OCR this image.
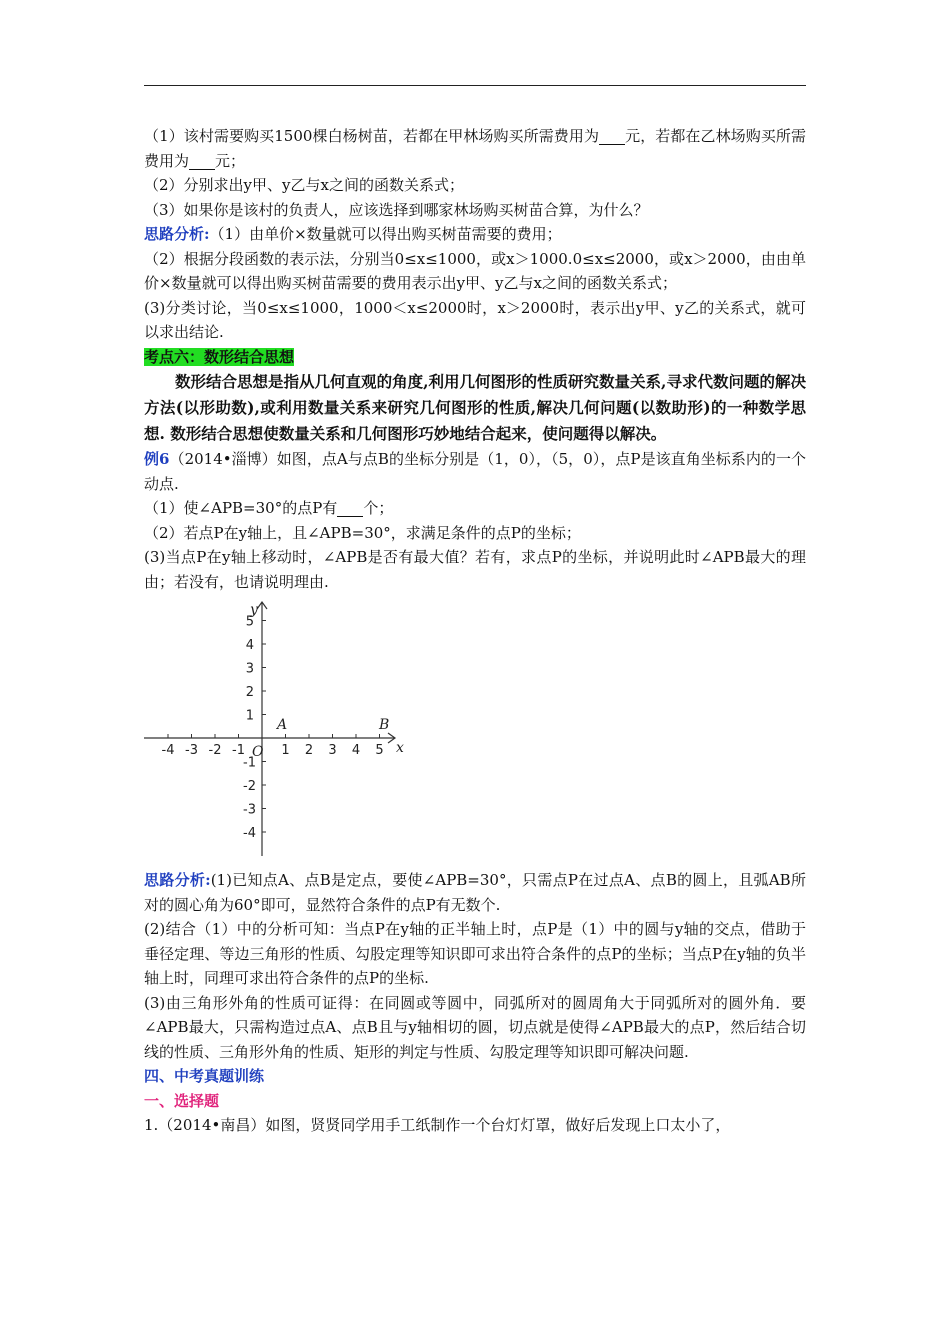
（1）该村需要购买1500棵白杨树苗，若都在甲林场购买所需费用为 元，若都在乙林场购买所需费用为 元；

（2）分别求出y甲、y乙与x之间的函数关系式；

（3）如果你是该村的负责人，应该选择到哪家林场购买树苗合算，为什么？

思路分析:（1）由单价×数量就可以得出购买树苗需要的费用；

（2）根据分段函数的表示法，分别当0≤x≤1000，或x＞1000.0≤x≤2000，或x＞2000，由由单价×数量就可以得出购买树苗需要的费用表示出y甲、y乙与x之间的函数关系式；

(3)分类讨论，当0≤x≤1000，1000＜x≤2000时，x＞2000时，表示出y甲、y乙的关系式，就可以求出结论.

考点六：数形结合思想

数形结合思想是指从几何直观的角度,利用几何图形的性质研究数量关系,寻求代数问题的解决方法(以形助数),或利用数量关系来研究几何图形的性质,解决几何问题(以数助形)的一种数学思想. 数形结合思想使数量关系和几何图形巧妙地结合起来，使问题得以解决。

例6（2014•淄博）如图，点A与点B的坐标分别是（1，0），（5，0），点P是该直角坐标系内的一个动点.

（1）使∠APB=30°的点P有 个；

（2）若点P在y轴上，且∠APB=30°，求满足条件的点P的坐标；

(3)当点P在y轴上移动时，∠APB是否有最大值？若有，求点P的坐标，并说明此时∠APB最大的理由；若没有，也请说明理由.

-4 -3 -2 -1	1 2 3 4 5
1
2
3
4
5
-1
-2
-3
-4
O	x
y
A	B

思路分析:(1)已知点A、点B是定点，要使∠APB=30°，只需点P在过点A、点B的圆上，且弧AB所对的圆心角为60°即可，显然符合条件的点P有无数个.

(2)结合（1）中的分析可知：当点P在y轴的正半轴上时，点P是（1）中的圆与y轴的交点，借助于垂径定理、等边三角形的性质、勾股定理等知识即可求出符合条件的点P的坐标；当点P在y轴的负半轴上时，同理可求出符合条件的点P的坐标.

(3)由三角形外角的性质可证得：在同圆或等圆中，同弧所对的圆周角大于同弧所对的圆外角．要∠APB最大，只需构造过点A、点B且与y轴相切的圆，切点就是使得∠APB最大的点P，然后结合切线的性质、三角形外角的性质、矩形的判定与性质、勾股定理等知识即可解决问题.

四、中考真题训练

一、选择题

1.（2014•南昌）如图，贤贤同学用手工纸制作一个台灯灯罩，做好后发现上口太小了，
